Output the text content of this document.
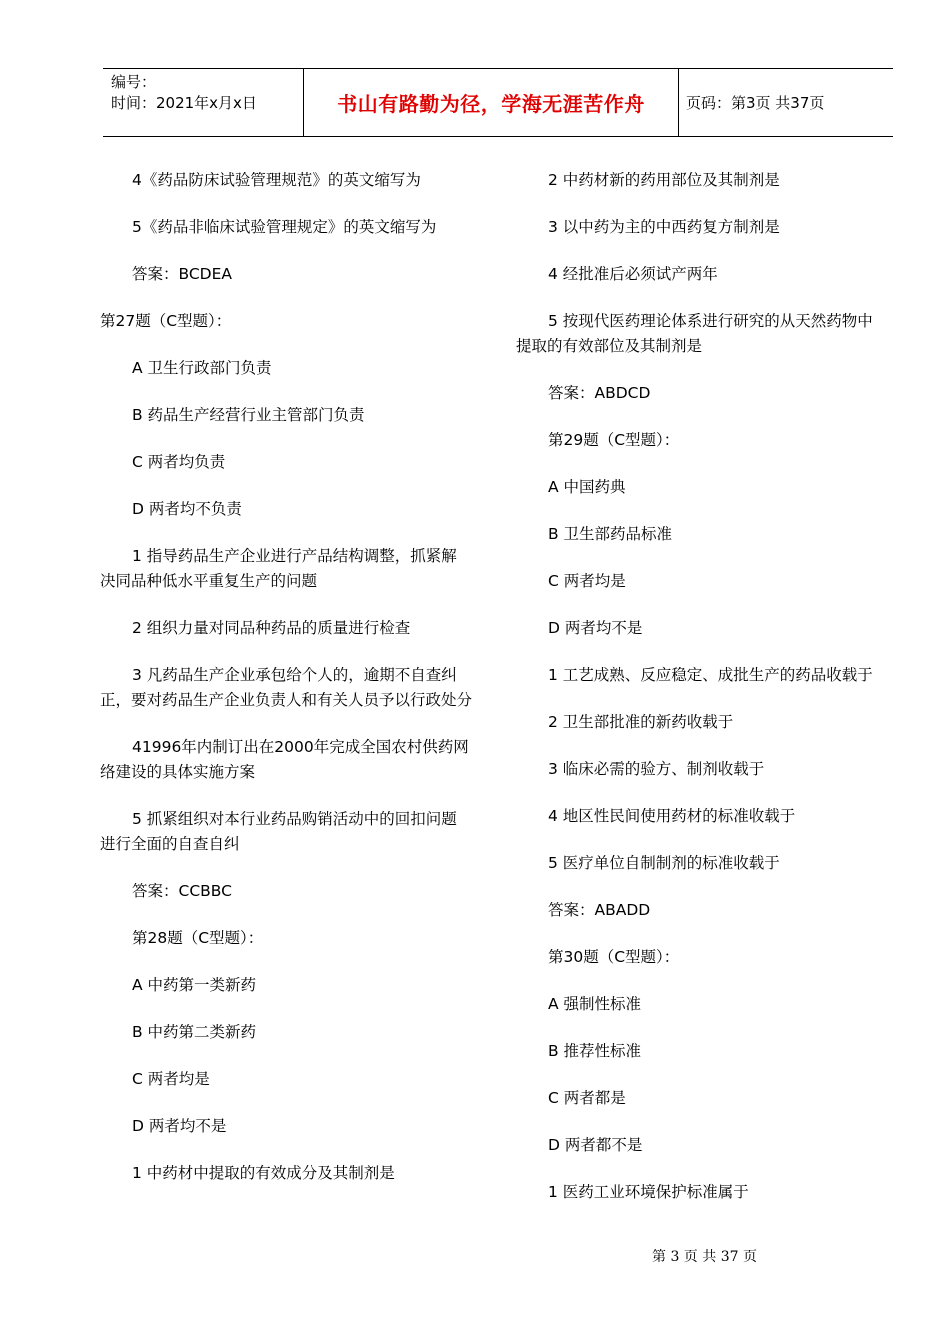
编号：
时间：2021年x月x日	书山有路勤为径，学海无涯苦作舟	页码：第3页 共37页

4《药品防床试验管理规范》的英文缩写为

5《药品非临床试验管理规定》的英文缩写为

答案：BCDEA

第27题（C型题）：

A 卫生行政部门负责

B 药品生产经营行业主管部门负责

C 两者均负责

D 两者均不负责

1 指导药品生产企业进行产品结构调整，抓紧解决同品种低水平重复生产的问题

2 组织力量对同品种药品的质量进行检查

3 凡药品生产企业承包给个人的，逾期不自查纠正，要对药品生产企业负责人和有关人员予以行政处分

41996年内制订出在2000年完成全国农村供药网络建设的具体实施方案

5 抓紧组织对本行业药品购销活动中的回扣问题进行全面的自查自纠

答案：CCBBC

第28题（C型题）：

A 中药第一类新药

B 中药第二类新药

C 两者均是

D 两者均不是

1 中药材中提取的有效成分及其制剂是

2 中药材新的药用部位及其制剂是

3 以中药为主的中西药复方制剂是

4 经批准后必须试产两年

5 按现代医药理论体系进行研究的从天然药物中提取的有效部位及其制剂是

答案：ABDCD

第29题（C型题）：

A 中国药典

B 卫生部药品标准

C 两者均是

D 两者均不是

1 工艺成熟、反应稳定、成批生产的药品收载于

2 卫生部批准的新药收载于

3 临床必需的验方、制剂收载于

4 地区性民间使用药材的标准收载于

5 医疗单位自制制剂的标准收载于

答案：ABADD

第30题（C型题）：

A 强制性标准

B 推荐性标准

C 两者都是

D 两者都不是

1 医药工业环境保护标准属于

第 3 页 共 37 页
